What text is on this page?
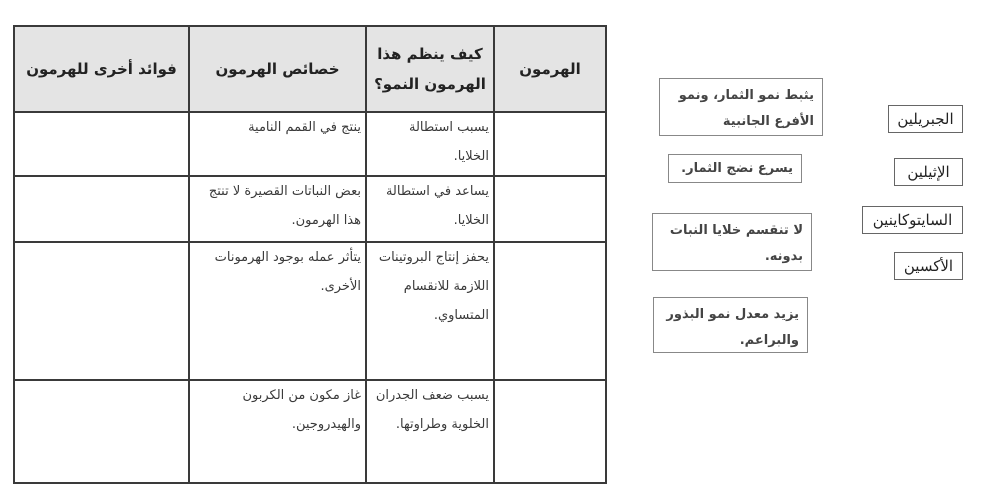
الهرمون	كيف ينظم هذا الهرمون النمو؟	خصائص الهرمون	فوائد أخرى للهرمون
	يسبب استطالة الخلايا.	ينتج في القمم النامية	
	يساعد في استطالة الخلايا.	بعض النباتات القصيرة لا تنتج هذا الهرمون.	
	يحفز إنتاج البروتينات اللازمة للانقسام المتساوي.	يتأثر عمله بوجود الهرمونات الأخرى.	
	يسبب ضعف الجدران الخلوية وطراوتها.	غاز مكون من الكربون والهيدروجين.	
يثبط نمو الثمار، ونمو الأفرع الجانبية
يسرع نضج الثمار.
لا تنقسم خلايا النبات بدونه.
يزيد معدل نمو البذور والبراعم.
الجبريلين
الإثيلين
السايتوكاينين
الأكسين
